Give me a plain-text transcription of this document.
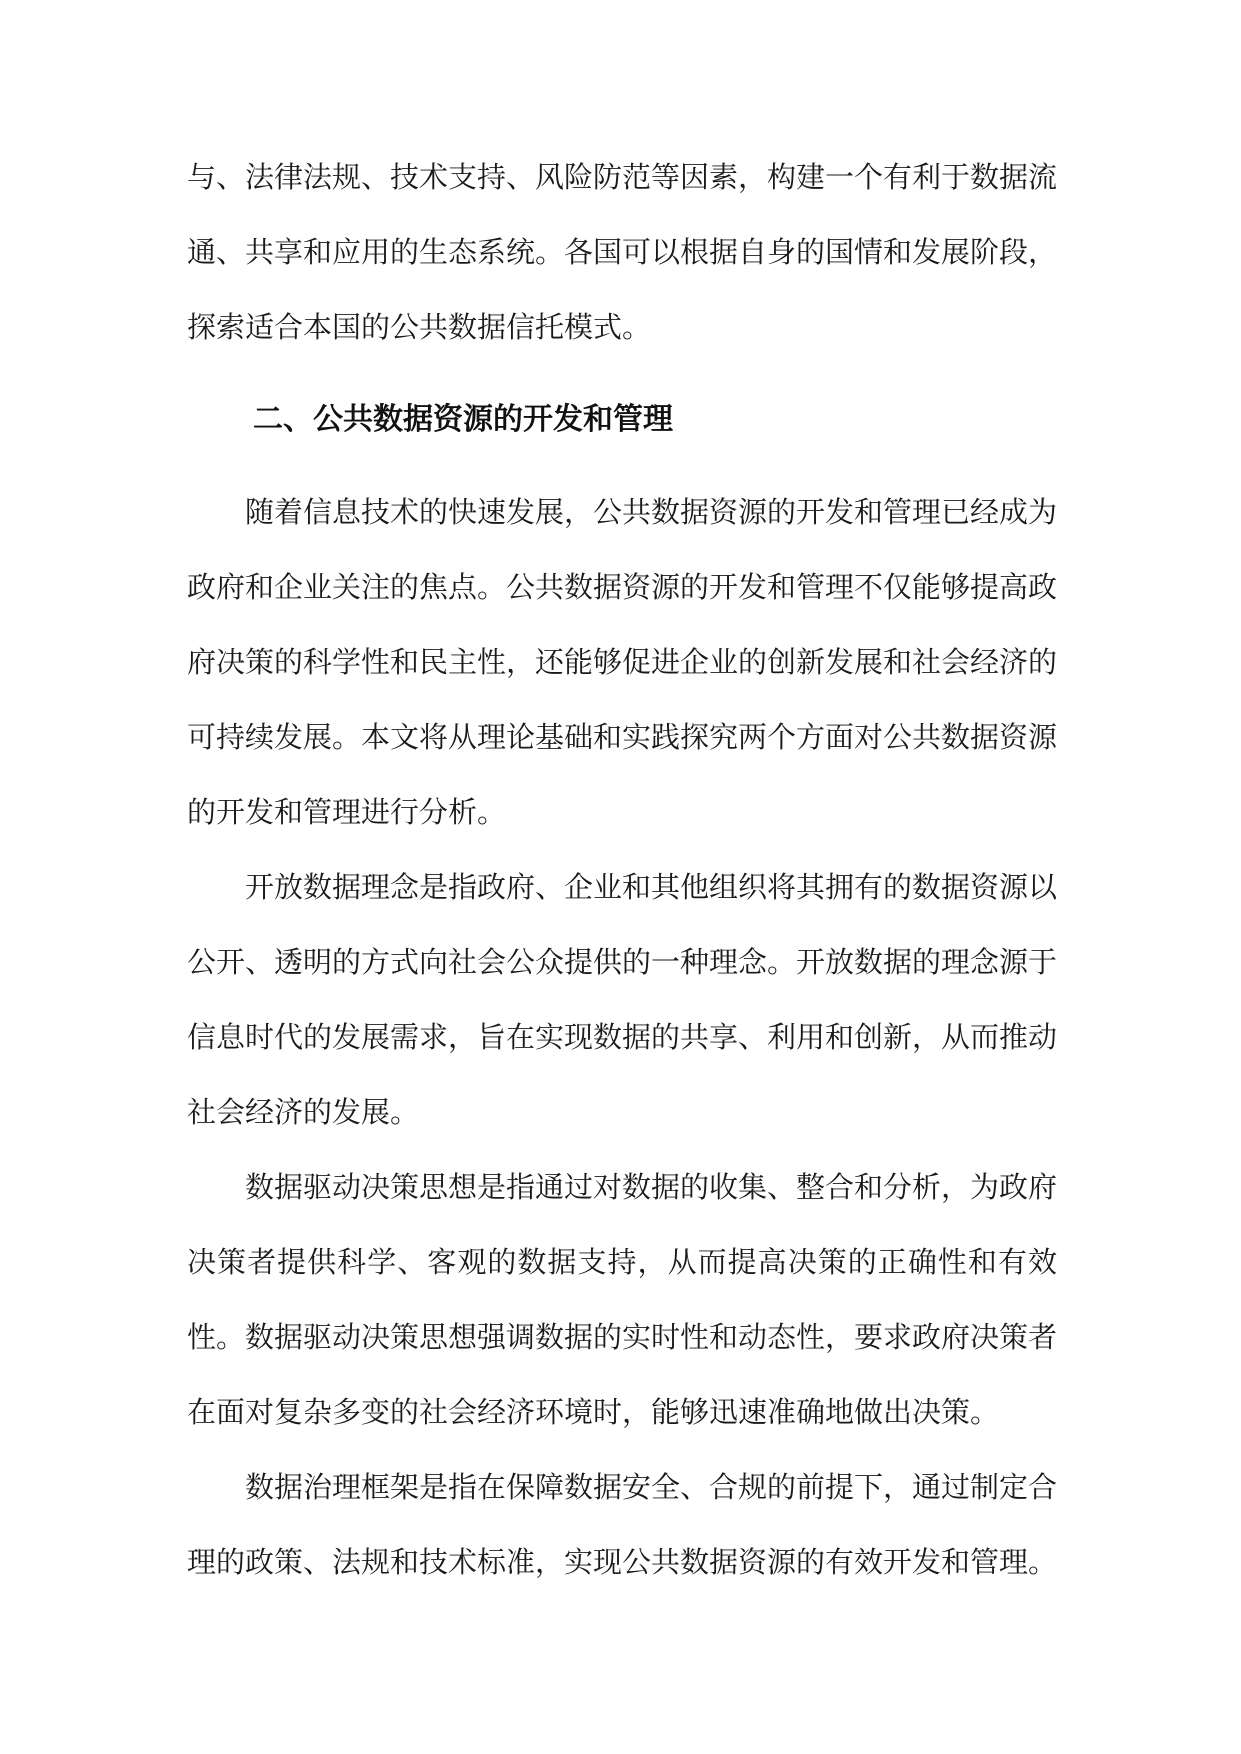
与、法律法规、技术支持、风险防范等因素，构建一个有利于数据流通、共享和应用的生态系统。各国可以根据自身的国情和发展阶段，探索适合本国的公共数据信托模式。

二、公共数据资源的开发和管理

随着信息技术的快速发展，公共数据资源的开发和管理已经成为政府和企业关注的焦点。公共数据资源的开发和管理不仅能够提高政府决策的科学性和民主性，还能够促进企业的创新发展和社会经济的可持续发展。本文将从理论基础和实践探究两个方面对公共数据资源的开发和管理进行分析。

开放数据理念是指政府、企业和其他组织将其拥有的数据资源以公开、透明的方式向社会公众提供的一种理念。开放数据的理念源于信息时代的发展需求，旨在实现数据的共享、利用和创新，从而推动社会经济的发展。

数据驱动决策思想是指通过对数据的收集、整合和分析，为政府决策者提供科学、客观的数据支持，从而提高决策的正确性和有效性。数据驱动决策思想强调数据的实时性和动态性，要求政府决策者在面对复杂多变的社会经济环境时，能够迅速准确地做出决策。

数据治理框架是指在保障数据安全、合规的前提下，通过制定合理的政策、法规和技术标准，实现公共数据资源的有效开发和管理。
